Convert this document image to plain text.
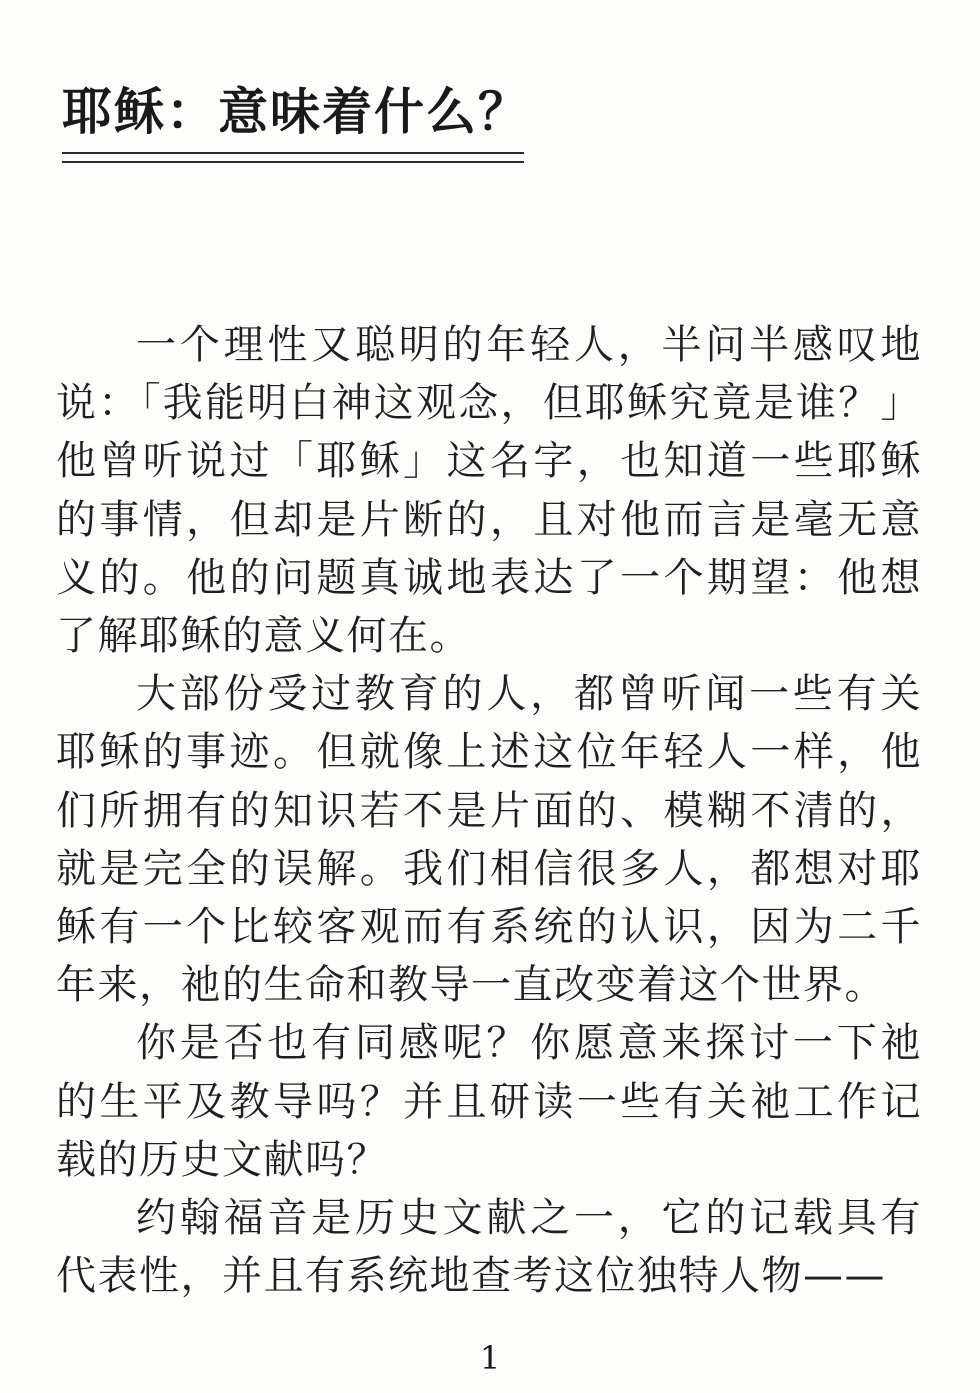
耶稣：意味着什么？

一个理性又聪明的年轻人，半问半感叹地说：「我能明白神这观念，但耶稣究竟是谁？」他曾听说过「耶稣」这名字，也知道一些耶稣的事情，但却是片断的，且对他而言是毫无意义的。他的问题真诚地表达了一个期望：他想了解耶稣的意义何在。

大部份受过教育的人，都曾听闻一些有关耶稣的事迹。但就像上述这位年轻人一样，他们所拥有的知识若不是片面的、模糊不清的，就是完全的误解。我们相信很多人，都想对耶稣有一个比较客观而有系统的认识，因为二千年来，祂的生命和教导一直改变着这个世界。

你是否也有同感呢？你愿意来探讨一下祂的生平及教导吗？并且研读一些有关祂工作记载的历史文献吗？

约翰福音是历史文献之一，它的记载具有代表性，并且有系统地查考这位独特人物——

1
